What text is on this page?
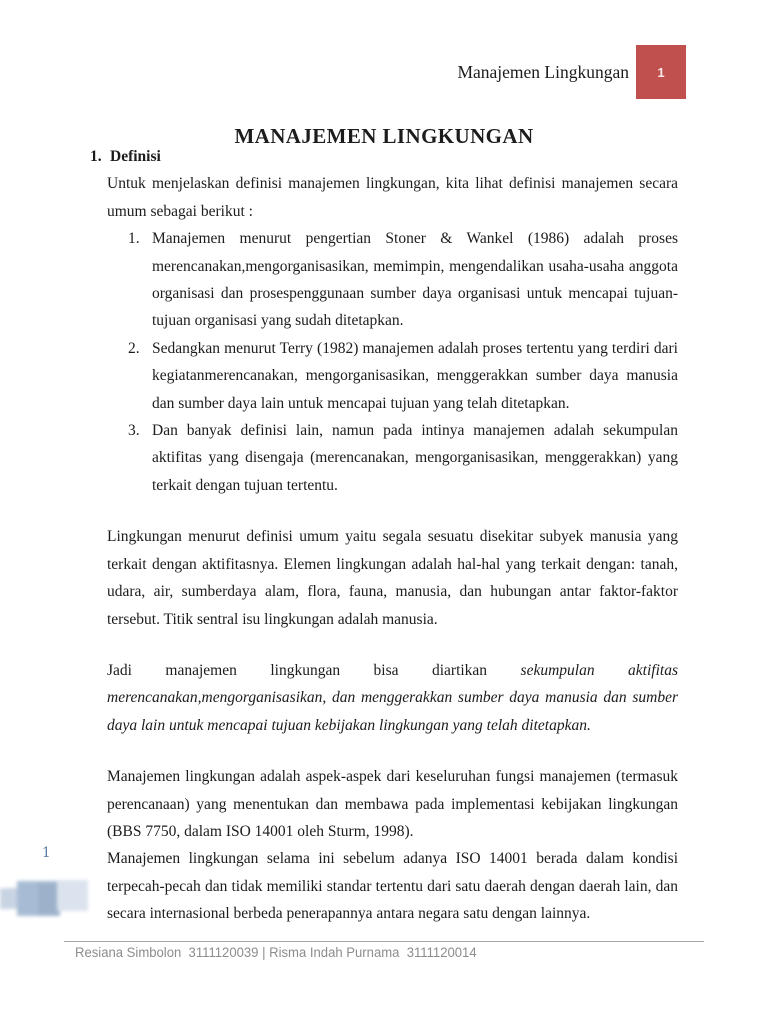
Manajemen Lingkungan	1
MANAJEMEN LINGKUNGAN
1. Definisi

Untuk menjelaskan definisi manajemen lingkungan, kita lihat definisi manajemen secara umum sebagai berikut :

1. Manajemen menurut pengertian Stoner & Wankel (1986) adalah proses merencanakan,mengorganisasikan, memimpin, mengendalikan usaha-usaha anggota organisasi dan prosespenggunaan sumber daya organisasi untuk mencapai tujuan-tujuan organisasi yang sudah ditetapkan.
2. Sedangkan menurut Terry (1982) manajemen adalah proses tertentu yang terdiri dari kegiatanmerencanakan, mengorganisasikan, menggerakkan sumber daya manusia dan sumber daya lain untuk mencapai tujuan yang telah ditetapkan.
3. Dan banyak definisi lain, namun pada intinya manajemen adalah sekumpulan aktifitas yang disengaja (merencanakan, mengorganisasikan, menggerakkan) yang terkait dengan tujuan tertentu.

Lingkungan menurut definisi umum yaitu segala sesuatu disekitar subyek manusia yang terkait dengan aktifitasnya. Elemen lingkungan adalah hal-hal yang terkait dengan: tanah, udara, air, sumberdaya alam, flora, fauna, manusia, dan hubungan antar faktor-faktor tersebut. Titik sentral isu lingkungan adalah manusia.

Jadi manajemen lingkungan bisa diartikan sekumpulan aktifitas merencanakan,mengorganisasikan, dan menggerakkan sumber daya manusia dan sumber daya lain untuk mencapai tujuan kebijakan lingkungan yang telah ditetapkan.

Manajemen lingkungan adalah aspek-aspek dari keseluruhan fungsi manajemen (termasuk perencanaan) yang menentukan dan membawa pada implementasi kebijakan lingkungan (BBS 7750, dalam ISO 14001 oleh Sturm, 1998).

Manajemen lingkungan selama ini sebelum adanya ISO 14001 berada dalam kondisi terpecah-pecah dan tidak memiliki standar tertentu dari satu daerah dengan daerah lain, dan secara internasional berbeda penerapannya antara negara satu dengan lainnya.

1
Resiana Simbolon  3111120039 | Risma Indah Purnama  3111120014
